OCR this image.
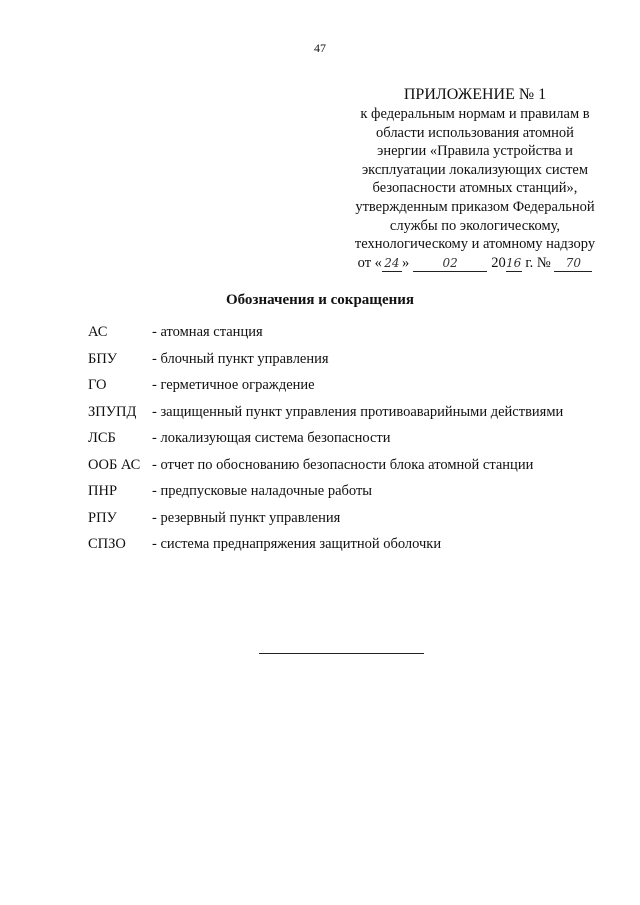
47
ПРИЛОЖЕНИЕ № 1
к федеральным нормам и правилам в
области использования атомной
энергии «Правила устройства и
эксплуатации локализующих систем
безопасности атомных станций»,
утвержденным приказом Федеральной
службы по экологическому,
технологическому и атомному надзору
от « 24 »	02 2016 г. № 70
Обозначения и сокращения
АС	- атомная станция
БПУ - блочный пункт управления
ГО	- герметичное ограждение
ЗПУПД - защищенный пункт управления противоаварийными действиями
ЛСБ - локализующая система безопасности
ООБ АС - отчет по обоснованию безопасности блока атомной станции
ПНР - предпусковые наладочные работы
РПУ - резервный пункт управления
СПЗО - система преднапряжения защитной оболочки
